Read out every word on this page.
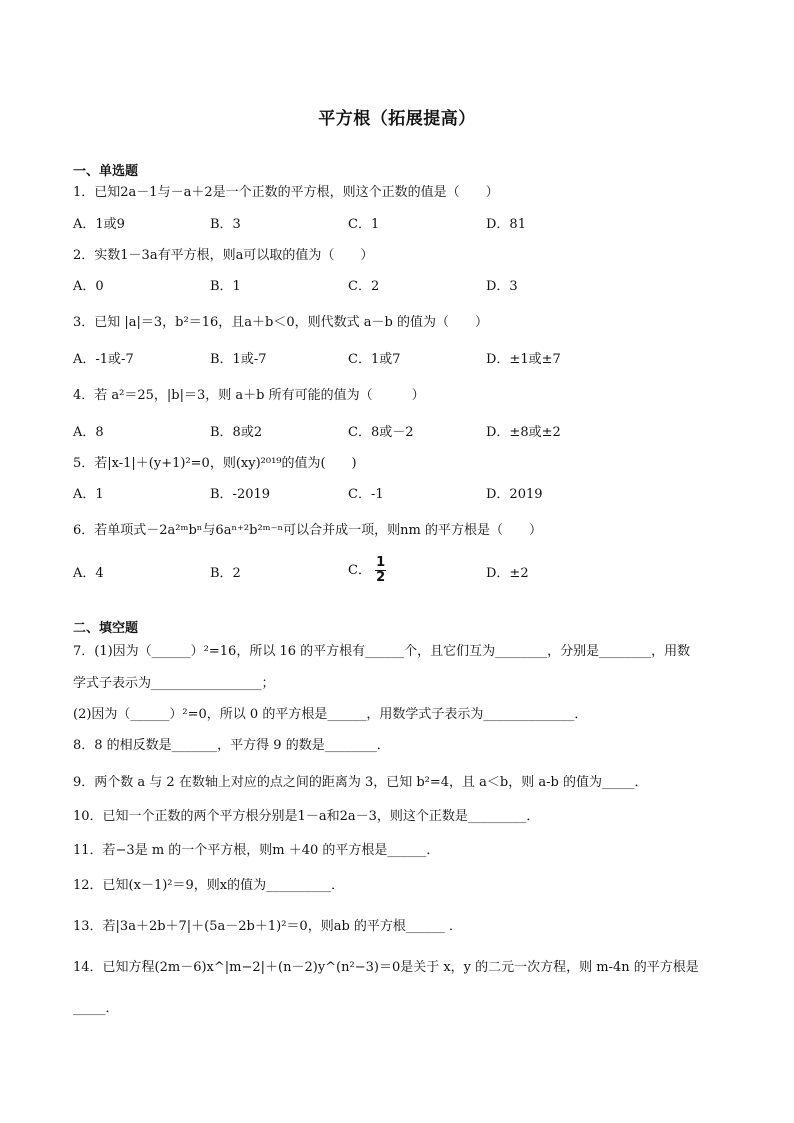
平方根（拓展提高）
一、单选题
1．已知2a－1与－a＋2是一个正数的平方根，则这个正数的值是（　　）
A．1或9	B．3	C．1	D．81
2．实数1－3a有平方根，则a可以取的值为（　　）
A．0	B．1	C．2	D．3
3．已知 |a|＝3，b²＝16，且a＋b＜0，则代数式 a－b 的值为（　　）
A．-1或-7	B．1或-7	C．1或7	D．±1或±7
4．若 a²＝25，|b|＝3，则 a＋b 所有可能的值为（　　　）
A．8	B．8或2	C．8或－2	D．±8或±2
5．若|x-1|＋(y+1)²=0，则(xy)²⁰¹⁹的值为(　　)
A．1	B．-2019	C．-1	D．2019
6．若单项式－2a²ᵐbⁿ与6aⁿ⁺²b²ᵐ⁻ⁿ可以合并成一项，则nm 的平方根是（　　）
A．4	B．2	C． $\frac{1}{2}$	D．±2
二、填空题
7．(1)因为（______）²=16，所以 16 的平方根有______个，且它们互为________，分别是________，用数
学式子表示为_________________；
(2)因为（______）²=0，所以 0 的平方根是______，用数学式子表示为______________．
8．8 的相反数是_______，平方得 9 的数是________．
9．两个数 a 与 2 在数轴上对应的点之间的距离为 3，已知 b²=4，且 a＜b，则 a-b 的值为_____．
10．已知一个正数的两个平方根分别是1－a和2a－3，则这个正数是_________．
11．若−3是 m 的一个平方根，则m ＋40 的平方根是______．
12．已知(x－1)²＝9，则x的值为__________．
13．若|3a＋2b＋7|＋(5a－2b＋1)²＝0，则ab 的平方根______ ．
14．已知方程(2m－6)x^|m−2|＋(n－2)y^(n²−3)＝0是关于 x，y 的二元一次方程，则 m-4n 的平方根是
_____．
